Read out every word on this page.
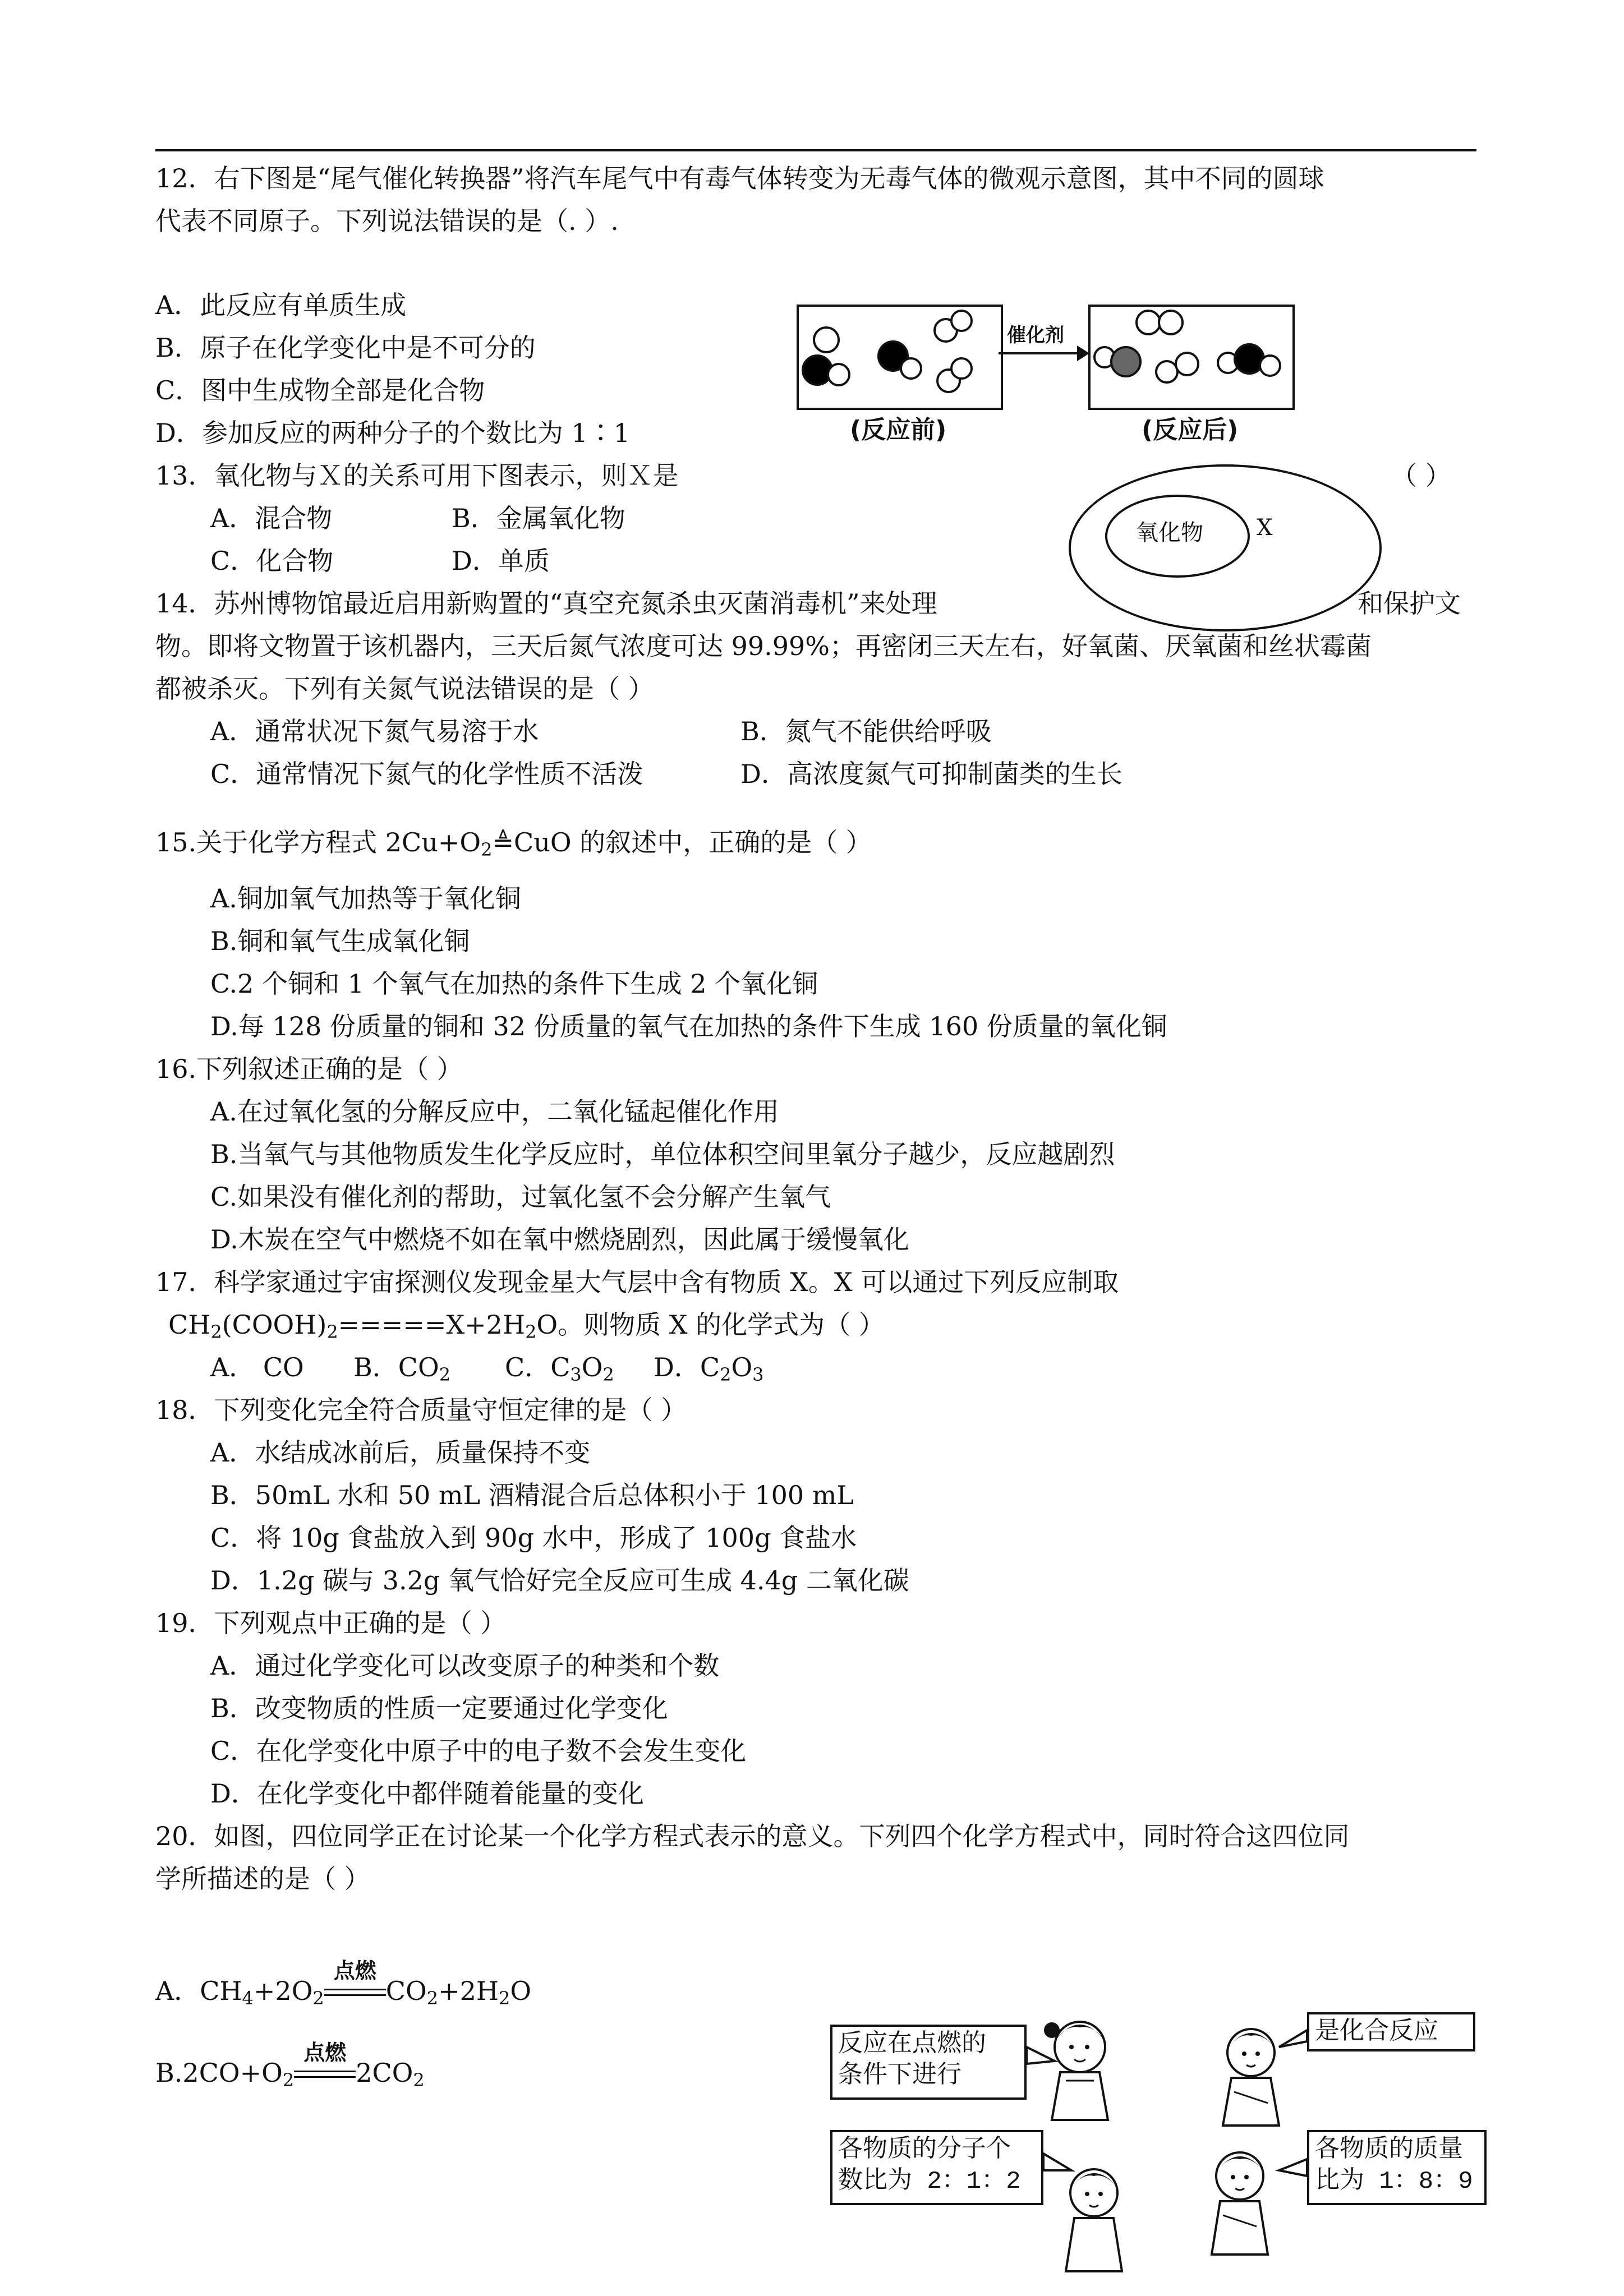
12．右下图是“尾气催化转换器”将汽车尾气中有毒气体转变为无毒气体的微观示意图，其中不同的圆球
代表不同原子。下列说法错误的是（. ）.
A．此反应有单质生成
B．原子在化学变化中是不可分的
C．图中生成物全部是化合物
D．参加反应的两种分子的个数比为 1∶1	(反应前)
催化剂
(反应后)
13．氧化物与Ｘ的关系可用下图表示，则Ｘ是	（ ）
A．混合物	B．金属氧化物
C．化合物	D．单质
氧化物 X
14．苏州博物馆最近启用新购置的“真空充氮杀虫灭菌消毒机”来处理	和保护文
物。即将文物置于该机器内，三天后氮气浓度可达 99.99%；再密闭三天左右，好氧菌、厌氧菌和丝状霉菌
都被杀灭。下列有关氮气说法错误的是（ ）
A．通常状况下氮气易溶于水	B．氮气不能供给呼吸
C．通常情况下氮气的化学性质不活泼	D．高浓度氮气可抑制菌类的生长
15.关于化学方程式 $2Cu+O_2≜CuO$ 的叙述中，正确的是（ ）
A.铜加氧气加热等于氧化铜
B.铜和氧气生成氧化铜
C.2 个铜和 1 个氧气在加热的条件下生成 2 个氧化铜
D.每 128 份质量的铜和 32 份质量的氧气在加热的条件下生成 160 份质量的氧化铜
16.下列叙述正确的是（ ）
A.在过氧化氢的分解反应中，二氧化锰起催化作用
B.当氧气与其他物质发生化学反应时，单位体积空间里氧分子越少，反应越剧烈
C.如果没有催化剂的帮助，过氧化氢不会分解产生氧气
D.木炭在空气中燃烧不如在氧中燃烧剧烈，因此属于缓慢氧化
17．科学家通过宇宙探测仪发现金星大气层中含有物质 X。X 可以通过下列反应制取
$CH_2(COOH)_2=====X+2H_2O$。则物质 X 的化学式为（ ）
A． CO B．$CO_2$ C．$C_3O_2$ D．$C_2O_3$
18．下列变化完全符合质量守恒定律的是（ ）
A．水结成冰前后，质量保持不变
B．50mL 水和 50 mL 酒精混合后总体积小于 100 mL
C．将 10g 食盐放入到 90g 水中，形成了 100g 食盐水
D．1.2g 碳与 3.2g 氧气恰好完全反应可生成 4.4g 二氧化碳
19．下列观点中正确的是（ ）
A．通过化学变化可以改变原子的种类和个数
B．改变物质的性质一定要通过化学变化
C．在化学变化中原子中的电子数不会发生变化
D．在化学变化中都伴随着能量的变化
20．如图，四位同学正在讨论某一个化学方程式表示的意义。下列四个化学方程式中，同时符合这四位同
学所描述的是（ ）
A．$CH_4+2O_2$
点燃
$CO_2+2H_2O$
$B.2CO+O_2$
点燃
$2CO_2$
反应在点燃的
条件下进行
是化合反应
各物质的分子个
数比为 2：1：2
各物质的质量
比为 1：8：9
